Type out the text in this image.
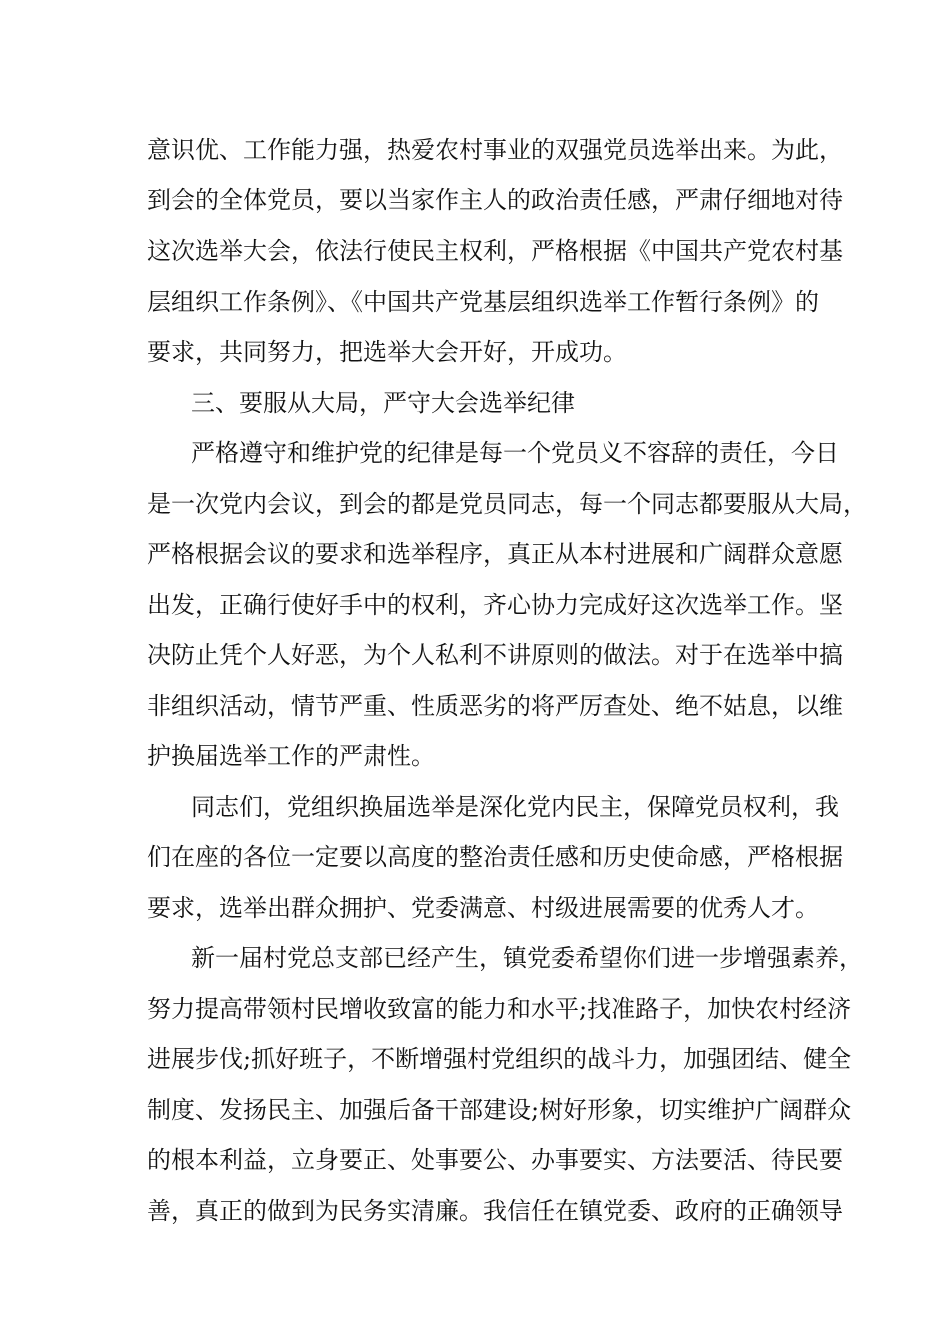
意识优、工作能力强，热爱农村事业的双强党员选举出来。为此，

到会的全体党员，要以当家作主人的政治责任感，严肃仔细地对待

这次选举大会，依法行使民主权利，严格根据《中国共产党农村基

层组织工作条例》、《中国共产党基层组织选举工作暂行条例》的

要求，共同努力，把选举大会开好，开成功。

三、要服从大局，严守大会选举纪律

严格遵守和维护党的纪律是每一个党员义不容辞的责任，今日

是一次党内会议，到会的都是党员同志，每一个同志都要服从大局，

严格根据会议的要求和选举程序，真正从本村进展和广阔群众意愿

出发，正确行使好手中的权利，齐心协力完成好这次选举工作。坚

决防止凭个人好恶，为个人私利不讲原则的做法。对于在选举中搞

非组织活动，情节严重、性质恶劣的将严厉查处、绝不姑息，以维

护换届选举工作的严肃性。

同志们，党组织换届选举是深化党内民主，保障党员权利，我

们在座的各位一定要以高度的整治责任感和历史使命感，严格根据

要求，选举出群众拥护、党委满意、村级进展需要的优秀人才。

新一届村党总支部已经产生，镇党委希望你们进一步增强素养，

努力提高带领村民增收致富的能力和水平;找准路子，加快农村经济

进展步伐;抓好班子，不断增强村党组织的战斗力，加强团结、健全

制度、发扬民主、加强后备干部建设;树好形象，切实维护广阔群众

的根本利益，立身要正、处事要公、办事要实、方法要活、待民要

善，真正的做到为民务实清廉。我信任在镇党委、政府的正确领导
